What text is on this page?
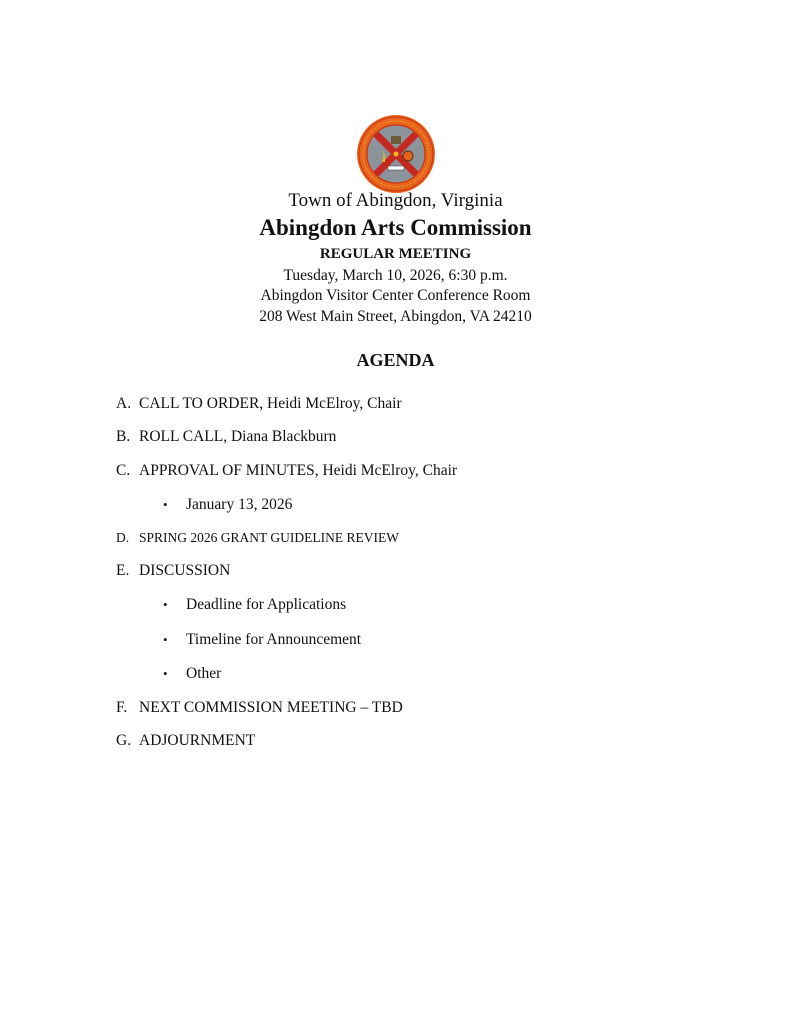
Town of Abingdon, Virginia
Abingdon Arts Commission
REGULAR MEETING
Tuesday, March 10, 2026, 6:30 p.m.
Abingdon Visitor Center Conference Room
208 West Main Street, Abingdon, VA 24210
AGENDA
A. CALL TO ORDER, Heidi McElroy, Chair
B. ROLL CALL, Diana Blackburn
C. APPROVAL OF MINUTES, Heidi McElroy, Chair
• January 13, 2026
D. SPRING 2026 GRANT GUIDELINE REVIEW
E. DISCUSSION
• Deadline for Applications
• Timeline for Announcement
• Other
F. NEXT COMMISSION MEETING – TBD
G. ADJOURNMENT
